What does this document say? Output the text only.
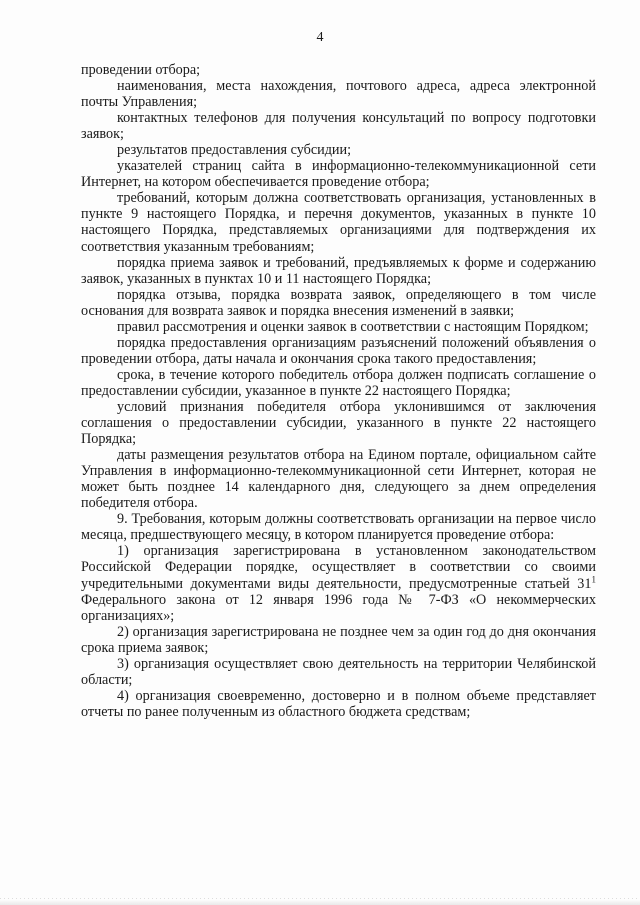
4

проведении отбора;

наименования, места нахождения, почтового адреса, адреса электронной почты Управления;

контактных телефонов для получения консультаций по вопросу подготовки заявок;

результатов предоставления субсидии;

указателей страниц сайта в информационно-телекоммуникационной сети Интернет, на котором обеспечивается проведение отбора;

требований, которым должна соответствовать организация, установленных в пункте 9 настоящего Порядка, и перечня документов, указанных в пункте 10 настоящего Порядка, представляемых организациями для подтверждения их соответствия указанным требованиям;

порядка приема заявок и требований, предъявляемых к форме и содержанию заявок, указанных в пунктах 10 и 11 настоящего Порядка;

порядка отзыва, порядка возврата заявок, определяющего в том числе основания для возврата заявок и порядка внесения изменений в заявки;

правил рассмотрения и оценки заявок в соответствии с настоящим Порядком;

порядка предоставления организациям разъяснений положений объявления о проведении отбора, даты начала и окончания срока такого предоставления;

срока, в течение которого победитель отбора должен подписать соглашение о предоставлении субсидии, указанное в пункте 22 настоящего Порядка;

условий признания победителя отбора уклонившимся от заключения соглашения о предоставлении субсидии, указанного в пункте 22 настоящего Порядка;

даты размещения результатов отбора на Едином портале, официальном сайте Управления в информационно-телекоммуникационной сети Интернет, которая не может быть позднее 14 календарного дня, следующего за днем определения победителя отбора.

9. Требования, которым должны соответствовать организации на первое число месяца, предшествующего месяцу, в котором планируется проведение отбора:

1) организация зарегистрирована в установленном законодательством Российской Федерации порядке, осуществляет в соответствии со своими учредительными документами виды деятельности, предусмотренные статьей $31^1$ Федерального закона от 12 января 1996 года № 7-ФЗ «О некоммерческих организациях»;

2) организация зарегистрирована не позднее чем за один год до дня окончания срока приема заявок;

3) организация осуществляет свою деятельность на территории Челябинской области;

4) организация своевременно, достоверно и в полном объеме представляет отчеты по ранее полученным из областного бюджета средствам;
